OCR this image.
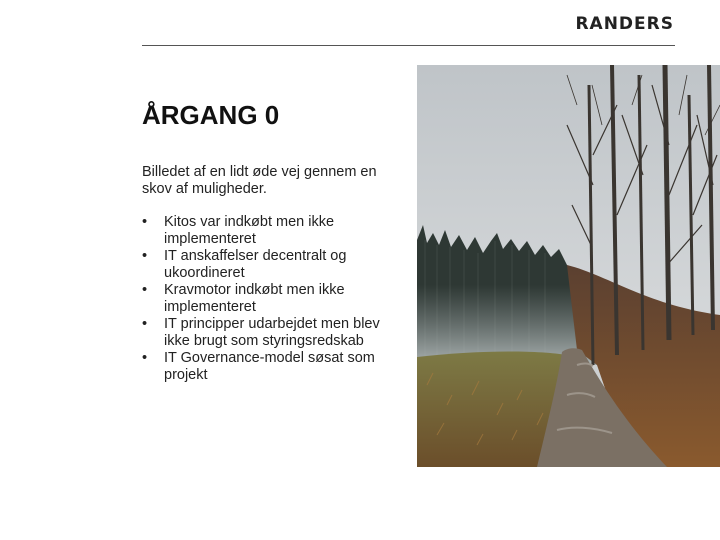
RANDERS
ÅRGANG 0

Billedet af en lidt øde vej gennem en skov af muligheder.

• Kitos var indkøbt men ikke implementeret
• IT anskaffelser decentralt og ukoordineret
• Kravmotor indkøbt men ikke implementeret
• IT principper udarbejdet men blev ikke brugt som styringsredskab
• IT Governance-model søsat som projekt
